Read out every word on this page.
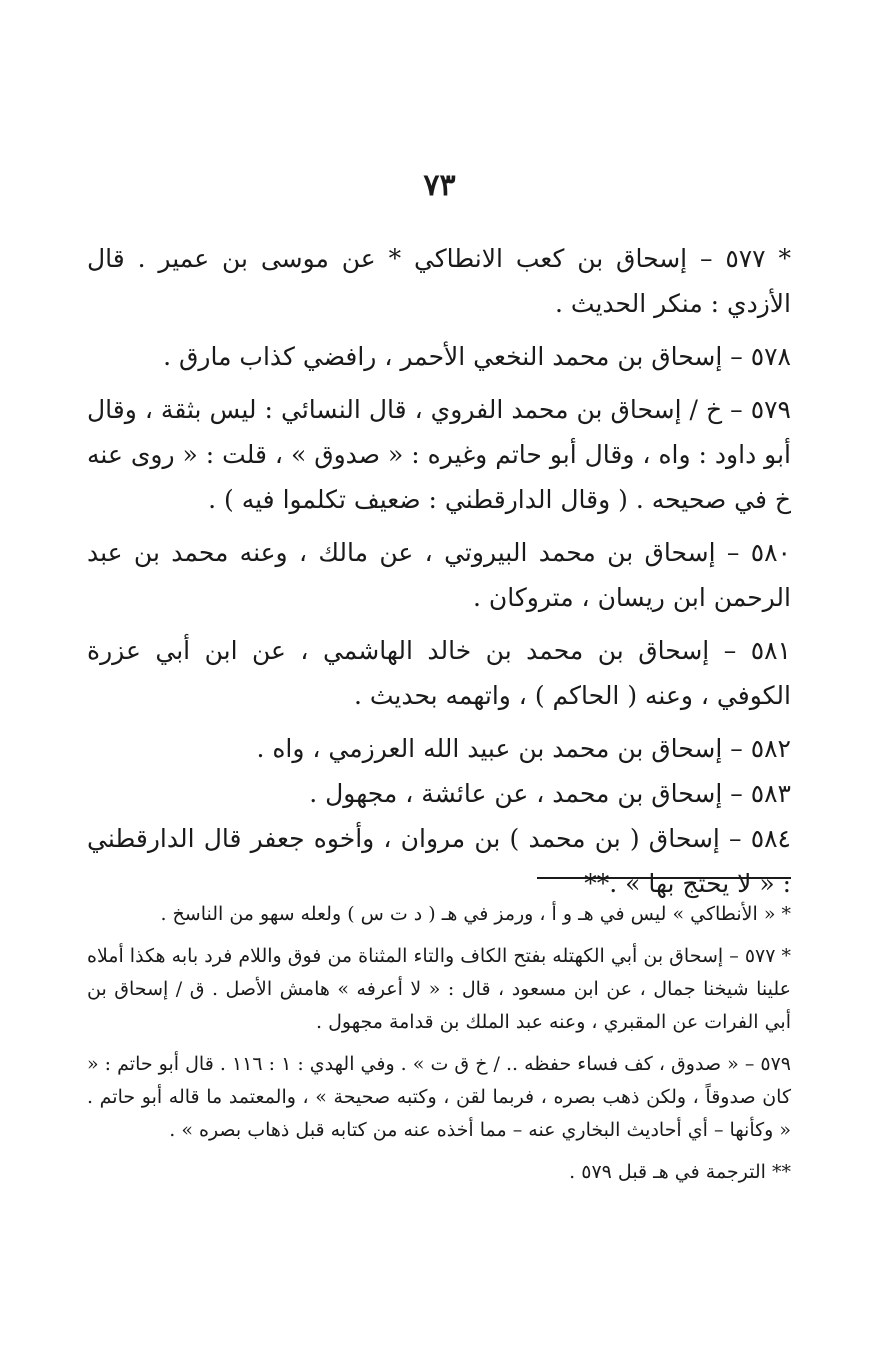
٧٣

* ٥٧٧ – إسحاق بن كعب الانطاكي * عن موسى بن عمير . قال الأزدي : منكر الحديث .

٥٧٨ – إسحاق بن محمد النخعي الأحمر ، رافضي كذاب مارق .

٥٧٩ – خ / إسحاق بن محمد الفروي ، قال النسائي : ليس بثقة ، وقال أبو داود : واه ، وقال أبو حاتم وغيره : « صدوق » ، قلت : « روى عنه خ في صحيحه . ( وقال الدارقطني : ضعيف تكلموا فيه ) .

٥٨٠ – إسحاق بن محمد البيروتي ، عن مالك ، وعنه محمد بن عبد الرحمن ابن ريسان ، متروكان .

٥٨١ – إسحاق بن محمد بن خالد الهاشمي ، عن ابن أبي عزرة الكوفي ، وعنه ( الحاكم ) ، واتهمه بحديث .

٥٨٢ – إسحاق بن محمد بن عبيد الله العرزمي ، واه .

٥٨٣ – إسحاق بن محمد ، عن عائشة ، مجهول .

٥٨٤ – إسحاق ( بن محمد ) بن مروان ، وأخوه جعفر قال الدارقطني : « لا يحتج بها » .**

* « الأنطاكي » ليس في هـ و أ ، ورمز في هـ ( د ت س ) ولعله سهو من الناسخ .

* ٥٧٧ – إسحاق بن أبي الكهتله بفتح الكاف والتاء المثناة من فوق واللام فرد بابه هكذا أملاه علينا شيخنا جمال ، عن ابن مسعود ، قال : « لا أعرفه » هامش الأصل . ق / إسحاق بن أبي الفرات عن المقبري ، وعنه عبد الملك بن قدامة مجهول .

٥٧٩ – « صدوق ، كف فساء حفظه .. / خ ق ت » . وفي الهدي : ١ : ١١٦ . قال أبو حاتم : « كان صدوقاً ، ولكن ذهب بصره ، فربما لقن ، وكتبه صحيحة » ، والمعتمد ما قاله أبو حاتم . « وكأنها – أي أحاديث البخاري عنه – مما أخذه عنه من كتابه قبل ذهاب بصره » .

** الترجمة في هـ قبل ٥٧٩ .
